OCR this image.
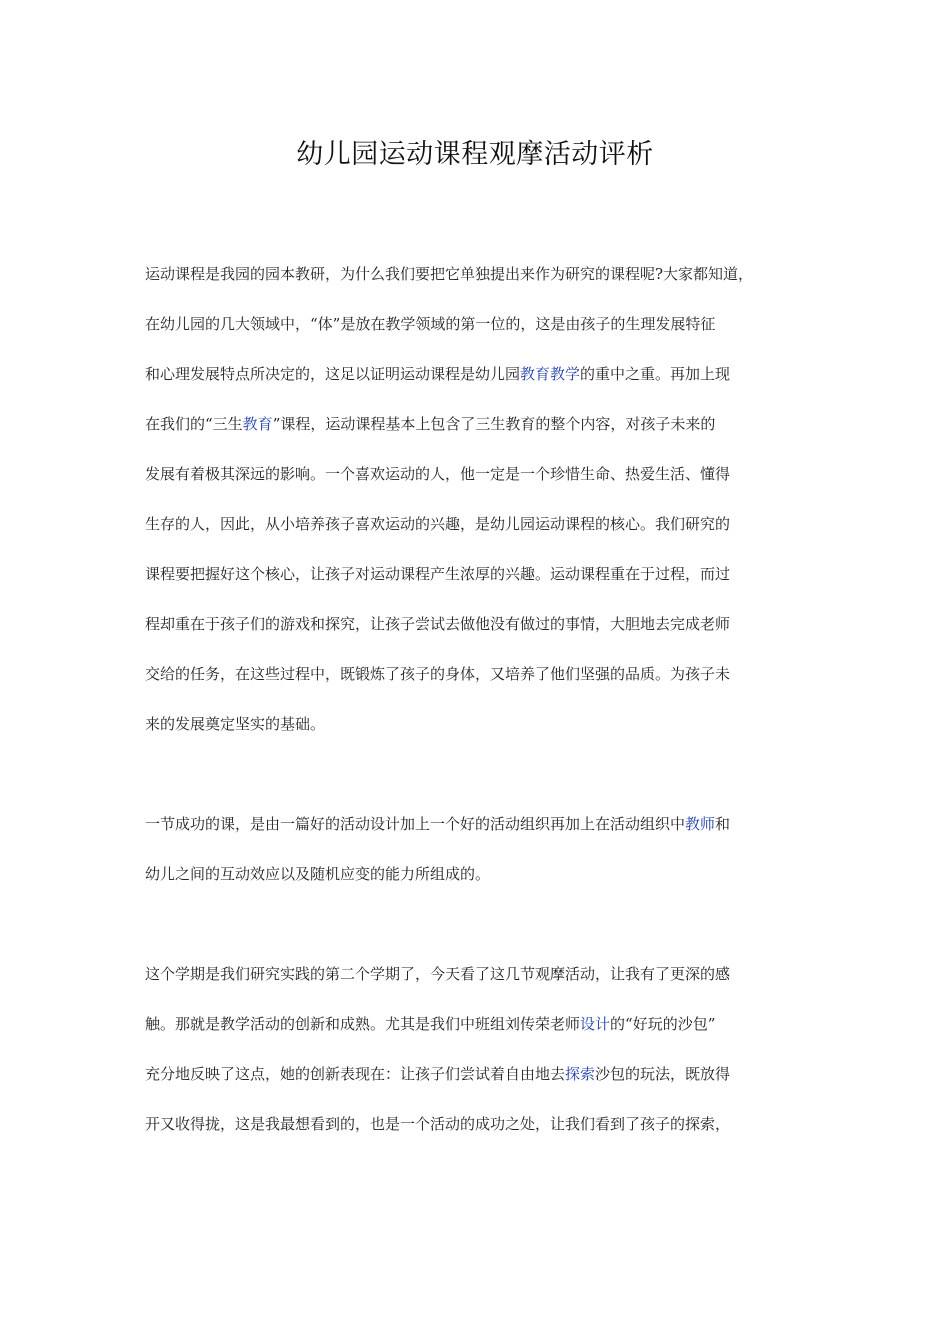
幼儿园运动课程观摩活动评析
运动课程是我园的园本教研，为什么我们要把它单独提出来作为研究的课程呢?大家都知道，
在幼儿园的几大领域中，“体”是放在教学领域的第一位的，这是由孩子的生理发展特征
和心理发展特点所决定的，这足以证明运动课程是幼儿园教育教学的重中之重。再加上现
在我们的“三生教育”课程，运动课程基本上包含了三生教育的整个内容，对孩子未来的
发展有着极其深远的影响。一个喜欢运动的人，他一定是一个珍惜生命、热爱生活、懂得
生存的人，因此，从小培养孩子喜欢运动的兴趣，是幼儿园运动课程的核心。我们研究的
课程要把握好这个核心，让孩子对运动课程产生浓厚的兴趣。运动课程重在于过程，而过
程却重在于孩子们的游戏和探究，让孩子尝试去做他没有做过的事情，大胆地去完成老师
交给的任务，在这些过程中，既锻炼了孩子的身体，又培养了他们坚强的品质。为孩子未
来的发展奠定坚实的基础。
一节成功的课，是由一篇好的活动设计加上一个好的活动组织再加上在活动组织中教师和
幼儿之间的互动效应以及随机应变的能力所组成的。
这个学期是我们研究实践的第二个学期了，今天看了这几节观摩活动，让我有了更深的感
触。那就是教学活动的创新和成熟。尤其是我们中班组刘传荣老师设计的“好玩的沙包”
充分地反映了这点，她的创新表现在：让孩子们尝试着自由地去探索沙包的玩法，既放得
开又收得拢，这是我最想看到的，也是一个活动的成功之处，让我们看到了孩子的探索，
